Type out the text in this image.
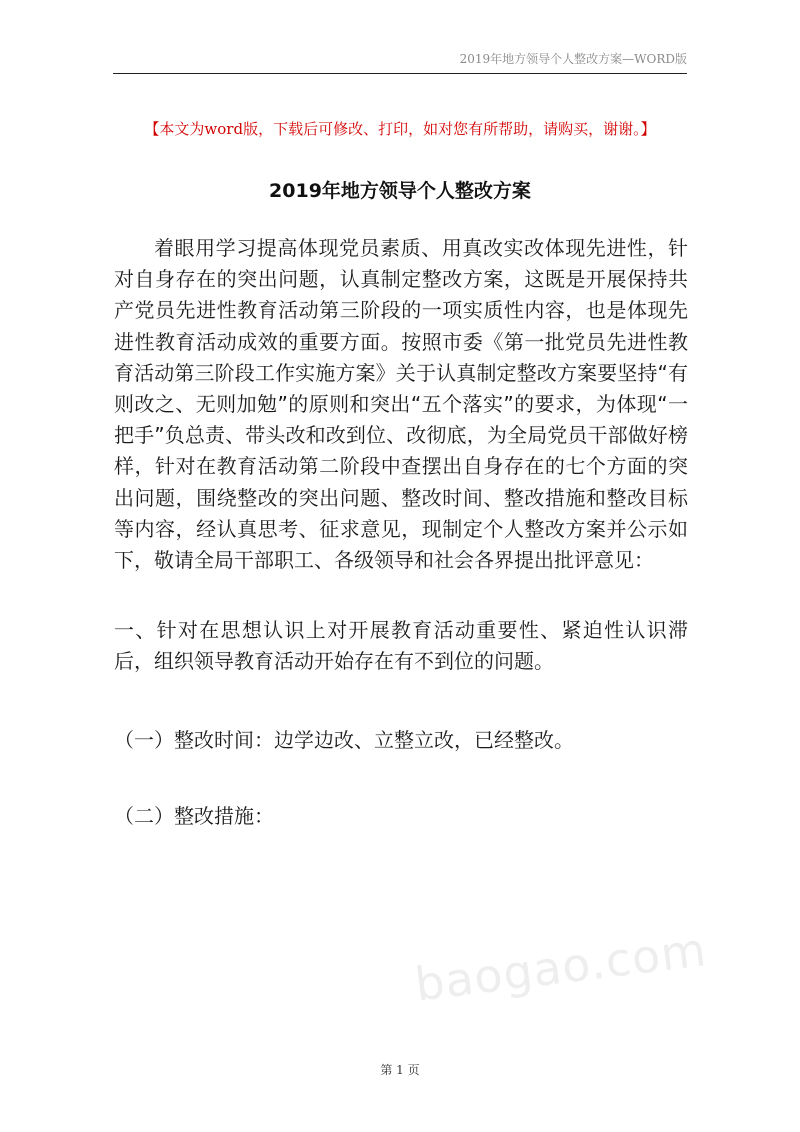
2019年地方领导个人整改方案—WORD版
【本文为word版，下载后可修改、打印，如对您有所帮助，请购买，谢谢。】
2019年地方领导个人整改方案

着眼用学习提高体现党员素质、用真改实改体现先进性，针对自身存在的突出问题，认真制定整改方案，这既是开展保持共产党员先进性教育活动第三阶段的一项实质性内容，也是体现先进性教育活动成效的重要方面。按照市委《第一批党员先进性教育活动第三阶段工作实施方案》关于认真制定整改方案要坚持“有则改之、无则加勉”的原则和突出“五个落实”的要求，为体现“一把手”负总责、带头改和改到位、改彻底，为全局党员干部做好榜样，针对在教育活动第二阶段中查摆出自身存在的七个方面的突出问题，围绕整改的突出问题、整改时间、整改措施和整改目标等内容，经认真思考、征求意见，现制定个人整改方案并公示如下，敬请全局干部职工、各级领导和社会各界提出批评意见：

一、针对在思想认识上对开展教育活动重要性、紧迫性认识滞后，组织领导教育活动开始存在有不到位的问题。

（一）整改时间：边学边改、立整立改，已经整改。

（二）整改措施：

baogao.com
第 1 页
